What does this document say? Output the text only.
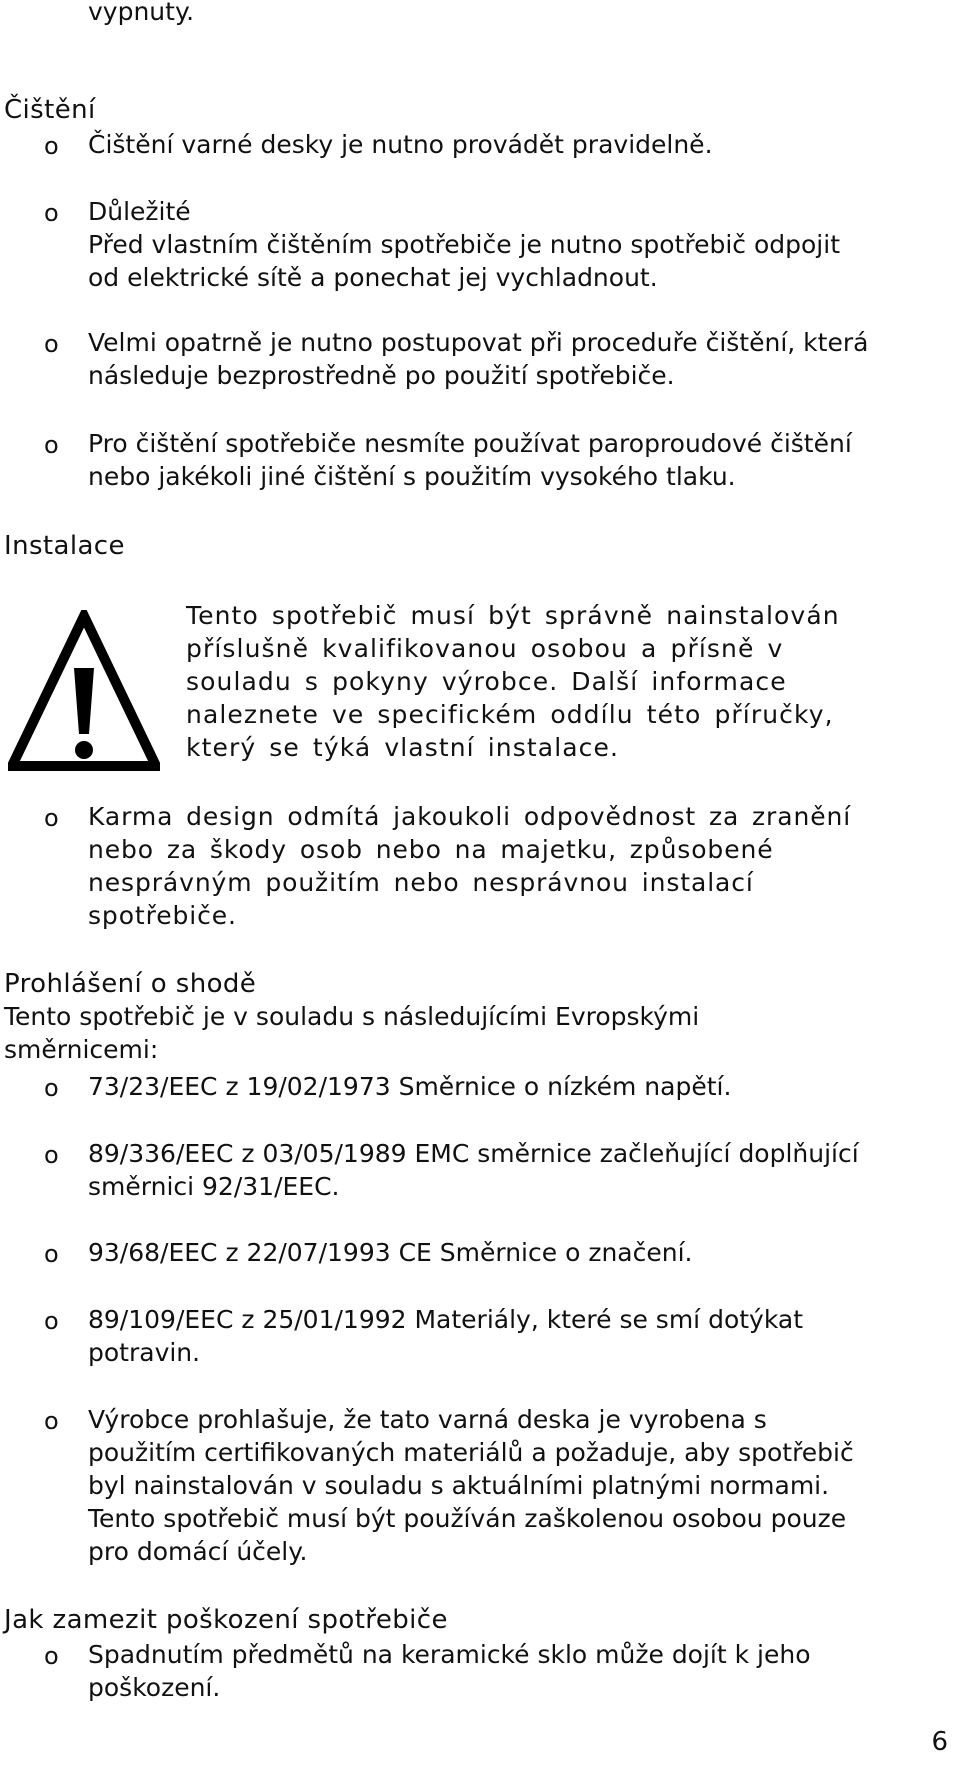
vypnuty.
Čištění
o Čištění varné desky je nutno provádět pravidelně.
o Důležité
Před vlastním čištěním spotřebiče je nutno spotřebič odpojit
od elektrické sítě a ponechat jej vychladnout.
o Velmi opatrně je nutno postupovat při proceduře čištění, která
následuje bezprostředně po použití spotřebiče.
o Pro čištění spotřebiče nesmíte používat paroproudové čištění
nebo jakékoli jiné čištění s použitím vysokého tlaku.
Instalace
Tento spotřebič musí být správně nainstalován
příslušně kvalifikovanou osobou a přísně v
souladu s pokyny výrobce. Další informace
naleznete ve specifickém oddílu této příručky,
který se týká vlastní instalace.
o Karma design odmítá jakoukoli odpovědnost za zranění
nebo za škody osob nebo na majetku, způsobené
nesprávným použitím nebo nesprávnou instalací
spotřebiče.
Prohlášení o shodě
Tento spotřebič je v souladu s následujícími Evropskými
směrnicemi:
o 73/23/EEC z 19/02/1973 Směrnice o nízkém napětí.
o 89/336/EEC z 03/05/1989 EMC směrnice začleňující doplňující
směrnici 92/31/EEC.
o 93/68/EEC z 22/07/1993 CE Směrnice o značení.
o 89/109/EEC z 25/01/1992 Materiály, které se smí dotýkat
potravin.
o Výrobce prohlašuje, že tato varná deska je vyrobena s
použitím certifikovaných materiálů a požaduje, aby spotřebič
byl nainstalován v souladu s aktuálními platnými normami.
Tento spotřebič musí být používán zaškolenou osobou pouze
pro domácí účely.
Jak zamezit poškození spotřebiče
o Spadnutím předmětů na keramické sklo může dojít k jeho
poškození.
6
